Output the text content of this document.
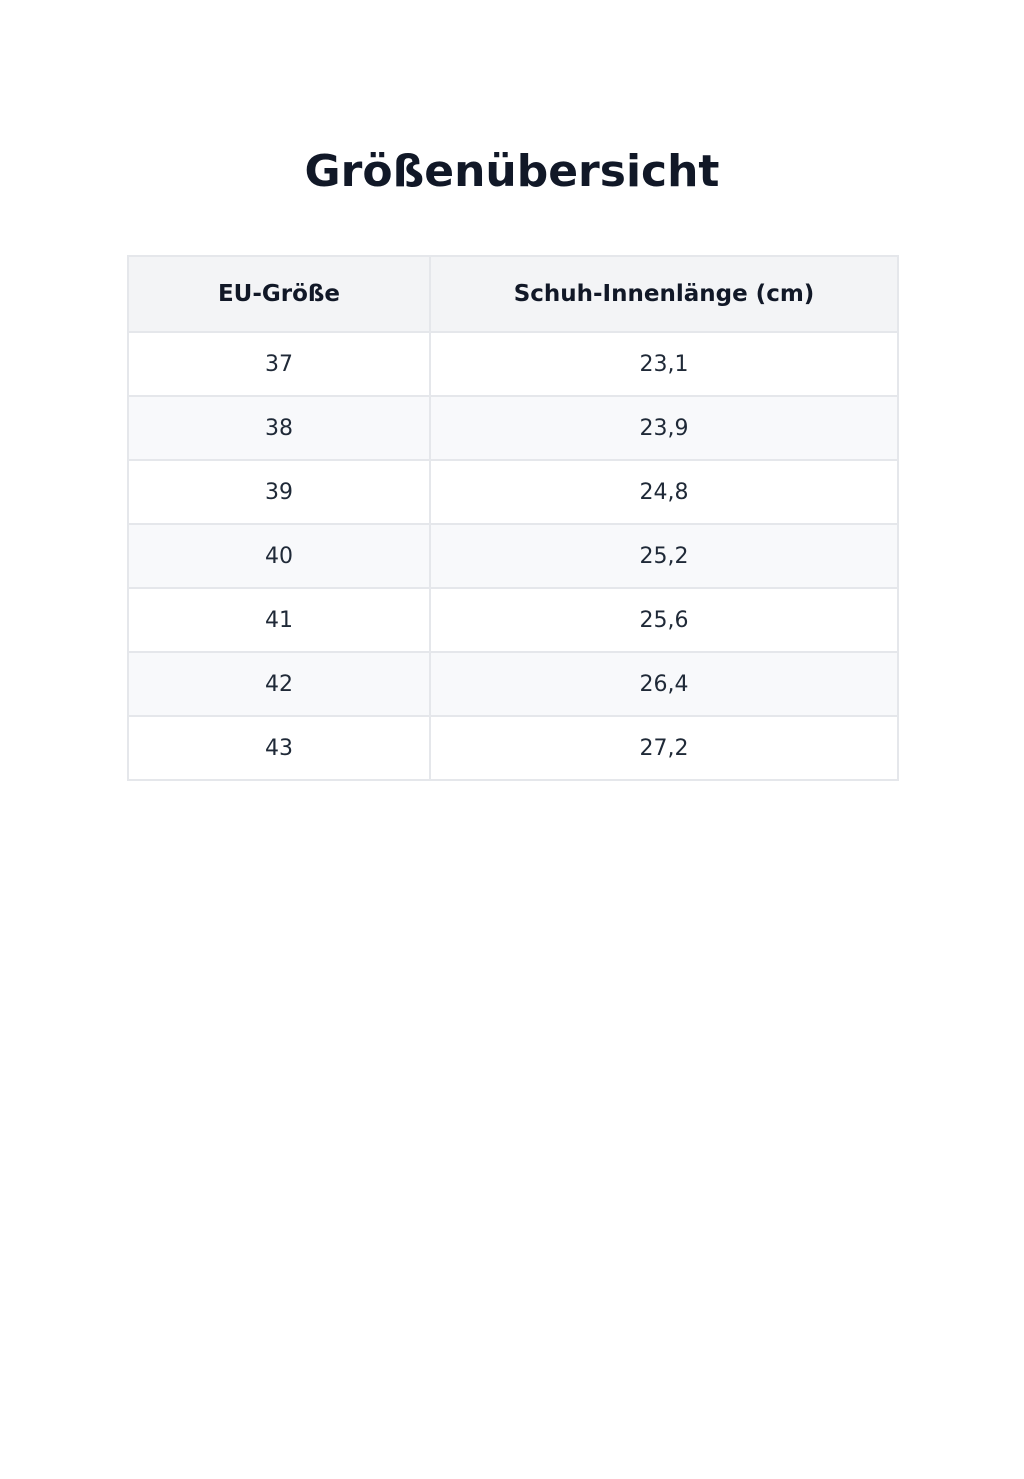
Größenübersicht
EU-Größe	Schuh-Innenlänge (cm)
37	23,1
38	23,9
39	24,8
40	25,2
41	25,6
42	26,4
43	27,2
